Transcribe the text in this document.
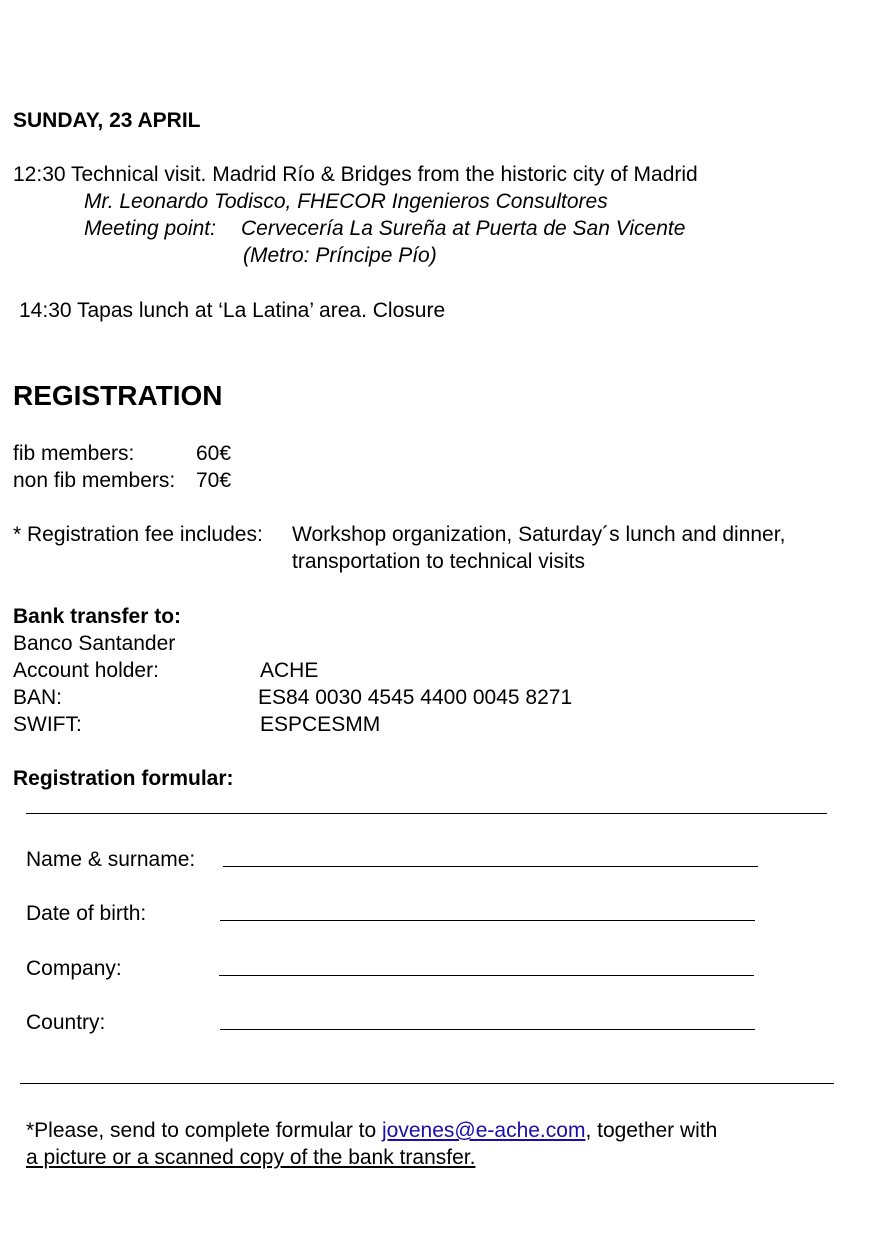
SUNDAY, 23 APRIL
12:30 Technical visit. Madrid Río & Bridges from the historic city of Madrid
Mr. Leonardo Todisco, FHECOR Ingenieros Consultores
Meeting point: Cervecería La Sureña at Puerta de San Vicente
(Metro: Príncipe Pío)
14:30 Tapas lunch at ‘La Latina’ area. Closure
REGISTRATION
fib members:	60€
non fib members: 70€
* Registration fee includes: Workshop organization, Saturday´s lunch and dinner,
transportation to technical visits
Bank transfer to:
Banco Santander
Account holder:	ACHE
BAN:	ES84 0030 4545 4400 0045 8271
SWIFT:	ESPCESMM
Registration formular:
Name & surname:
Date of birth:
Company:
Country:
*Please, send to complete formular to jovenes@e-ache.com, together with
a picture or a scanned copy of the bank transfer.
